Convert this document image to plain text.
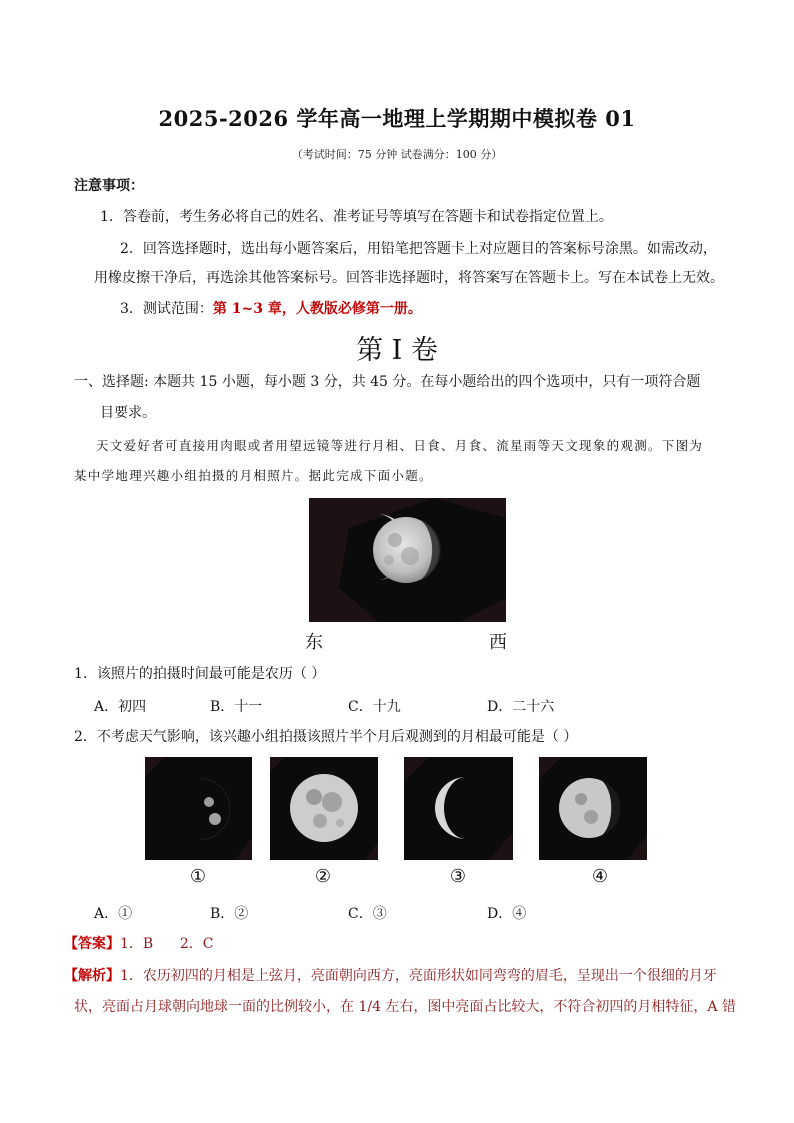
2025-2026 学年高一地理上学期期中模拟卷 01
（考试时间：75 分钟 试卷满分：100 分）
注意事项：
1．答卷前，考生务必将自己的姓名、准考证号等填写在答题卡和试卷指定位置上。
2．回答选择题时，选出每小题答案后，用铅笔把答题卡上对应题目的答案标号涂黑。如需改动，
用橡皮擦干净后，再选涂其他答案标号。回答非选择题时，将答案写在答题卡上。写在本试卷上无效。
3．测试范围：第 1~3 章，人教版必修第一册。
第 I 卷
一、选择题: 本题共 15 小题，每小题 3 分，共 45 分。在每小题给出的四个选项中，只有一项符合题
目要求。
天文爱好者可直接用肉眼或者用望远镜等进行月相、日食、月食、流星雨等天文现象的观测。下图为
某中学地理兴趣小组拍摄的月相照片。据此完成下面小题。
东	西
1．该照片的拍摄时间最可能是农历（ ）
A．初四	B．十一	C．十九	D．二十六
2．不考虑天气影响，该兴趣小组拍摄该照片半个月后观测到的月相最可能是（ ）
①	②	③	④
A．①	B．②	C．③	D．④
【答案】1．B      2．C
【解析】1．农历初四的月相是上弦月，亮面朝向西方，亮面形状如同弯弯的眉毛，呈现出一个很细的月牙
状，亮面占月球朝向地球一面的比例较小，在 1/4 左右，图中亮面占比较大，不符合初四的月相特征，A 错
